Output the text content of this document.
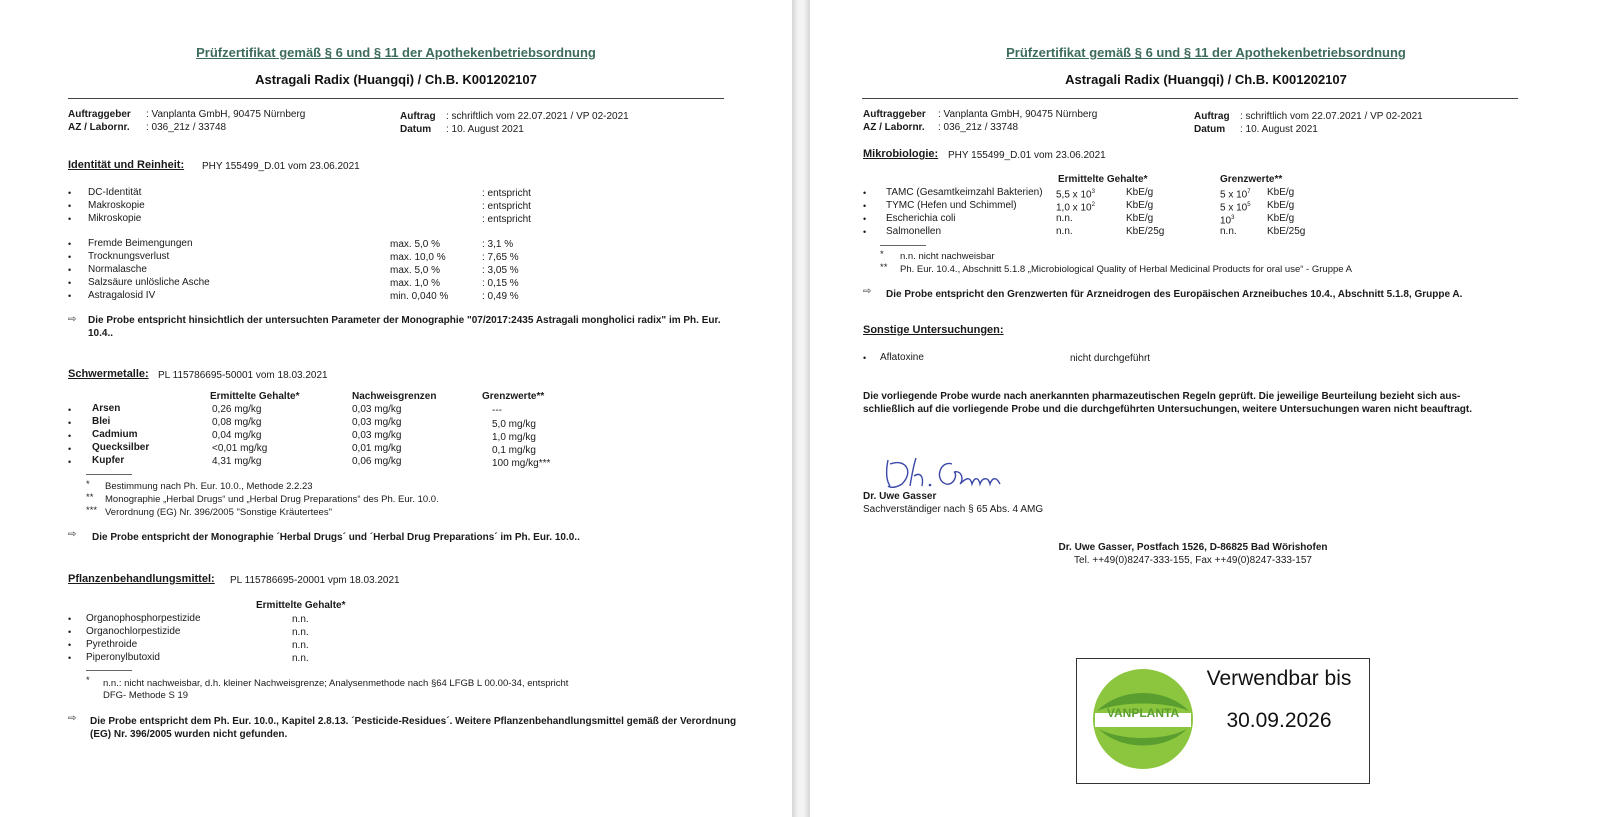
Prüfzertifikat gemäß § 6 und § 11 der Apothekenbetriebsordnung
Astragali Radix (Huangqi) / Ch.B. K001202107
Auftraggeber : Vanplanta GmbH, 90475 Nürnberg
AZ / Labornr. : 036_21z / 33748
Auftrag : schriftlich vom 22.07.2021 / VP 02-2021
Datum : 10. August 2021
Identität und Reinheit: PHY 155499_D.01 vom 23.06.2021
• DC-Identität	: entspricht
• Makroskopie	: entspricht
• Mikroskopie	: entspricht
• Fremde Beimengungen	max. 5,0 %	: 3,1 %
• Trocknungsverlust	max. 10,0 %	: 7,65 %
• Normalasche	max. 5,0 %	: 3,05 %
• Salzsäure unlösliche Asche	max. 1,0 %	: 0,15 %
• Astragalosid IV	min. 0,040 %	: 0,49 %
⇨ Die Probe entspricht hinsichtlich der untersuchten Parameter der Monographie "07/2017:2435 Astragali mongholici radix" im Ph. Eur. 10.4..
Schwermetalle: PL 115786695-50001 vom 18.03.2021
Ermittelte Gehalte*	Nachweisgrenzen	Grenzwerte**
• Arsen	0,26 mg/kg	0,03 mg/kg	---
• Blei	0,08 mg/kg	0,03 mg/kg	5,0 mg/kg
• Cadmium	0,04 mg/kg	0,03 mg/kg	1,0 mg/kg
• Quecksilber	<0,01 mg/kg	0,01 mg/kg	0,1 mg/kg
• Kupfer	4,31 mg/kg	0,06 mg/kg	100 mg/kg***
* Bestimmung nach Ph. Eur. 10.0., Methode 2.2.23
** Monographie „Herbal Drugs“ und „Herbal Drug Preparations“ des Ph. Eur. 10.0.
*** Verordnung (EG) Nr. 396/2005 "Sonstige Kräutertees"
⇨ Die Probe entspricht der Monographie ´Herbal Drugs´ und ´Herbal Drug Preparations´ im Ph. Eur. 10.0..
Pflanzenbehandlungsmittel: PL 115786695-20001 vpm 18.03.2021
Ermittelte Gehalte*
• Organophosphorpestizide	n.n.
• Organochlorpestizide	n.n.
• Pyrethroide	n.n.
• Piperonylbutoxid	n.n.
* n.n.: nicht nachweisbar, d.h. kleiner Nachweisgrenze; Analysenmethode nach §64 LFGB L 00.00-34, entspricht
DFG- Methode S 19
⇨ Die Probe entspricht dem Ph. Eur. 10.0., Kapitel 2.8.13. ´Pesticide-Residues´. Weitere Pflanzenbehandlungsmittel gemäß der Verordnung (EG) Nr. 396/2005 wurden nicht gefunden.
Prüfzertifikat gemäß § 6 und § 11 der Apothekenbetriebsordnung
Astragali Radix (Huangqi) / Ch.B. K001202107
Auftraggeber : Vanplanta GmbH, 90475 Nürnberg
AZ / Labornr. : 036_21z / 33748
Auftrag : schriftlich vom 22.07.2021 / VP 02-2021
Datum : 10. August 2021
Mikrobiologie: PHY 155499_D.01 vom 23.06.2021
Ermittelte Gehalte*	Grenzwerte**
• TAMC (Gesamtkeimzahl Bakterien) 5,5 x $10^3$	KbE/g	5 x $10^7$ KbE/g
• TYMC (Hefen und Schimmel)	1,0 x $10^2$	KbE/g	5 x $10^5$ KbE/g
• Escherichia coli	n.n.	KbE/g	$10^3$	KbE/g
• Salmonellen	n.n.	KbE/25g	n.n.	KbE/25g
* n.n. nicht nachweisbar
** Ph. Eur. 10.4., Abschnitt 5.1.8 „Microbiological Quality of Herbal Medicinal Products for oral use“ - Gruppe A
⇨ Die Probe entspricht den Grenzwerten für Arzneidrogen des Europäischen Arzneibuches 10.4., Abschnitt 5.1.8, Gruppe A.
Sonstige Untersuchungen:
• Aflatoxine	nicht durchgeführt
Die vorliegende Probe wurde nach anerkannten pharmazeutischen Regeln geprüft. Die jeweilige Beurteilung bezieht sich aus-
schließlich auf die vorliegende Probe und die durchgeführten Untersuchungen, weitere Untersuchungen waren nicht beauftragt.
Dr. Uwe Gasser
Sachverständiger nach § 65 Abs. 4 AMG
Dr. Uwe Gasser, Postfach 1526, D-86825 Bad Wörishofen
Tel. ++49(0)8247-333-155, Fax ++49(0)8247-333-157
VANPLANTA
Verwendbar bis
30.09.2026
